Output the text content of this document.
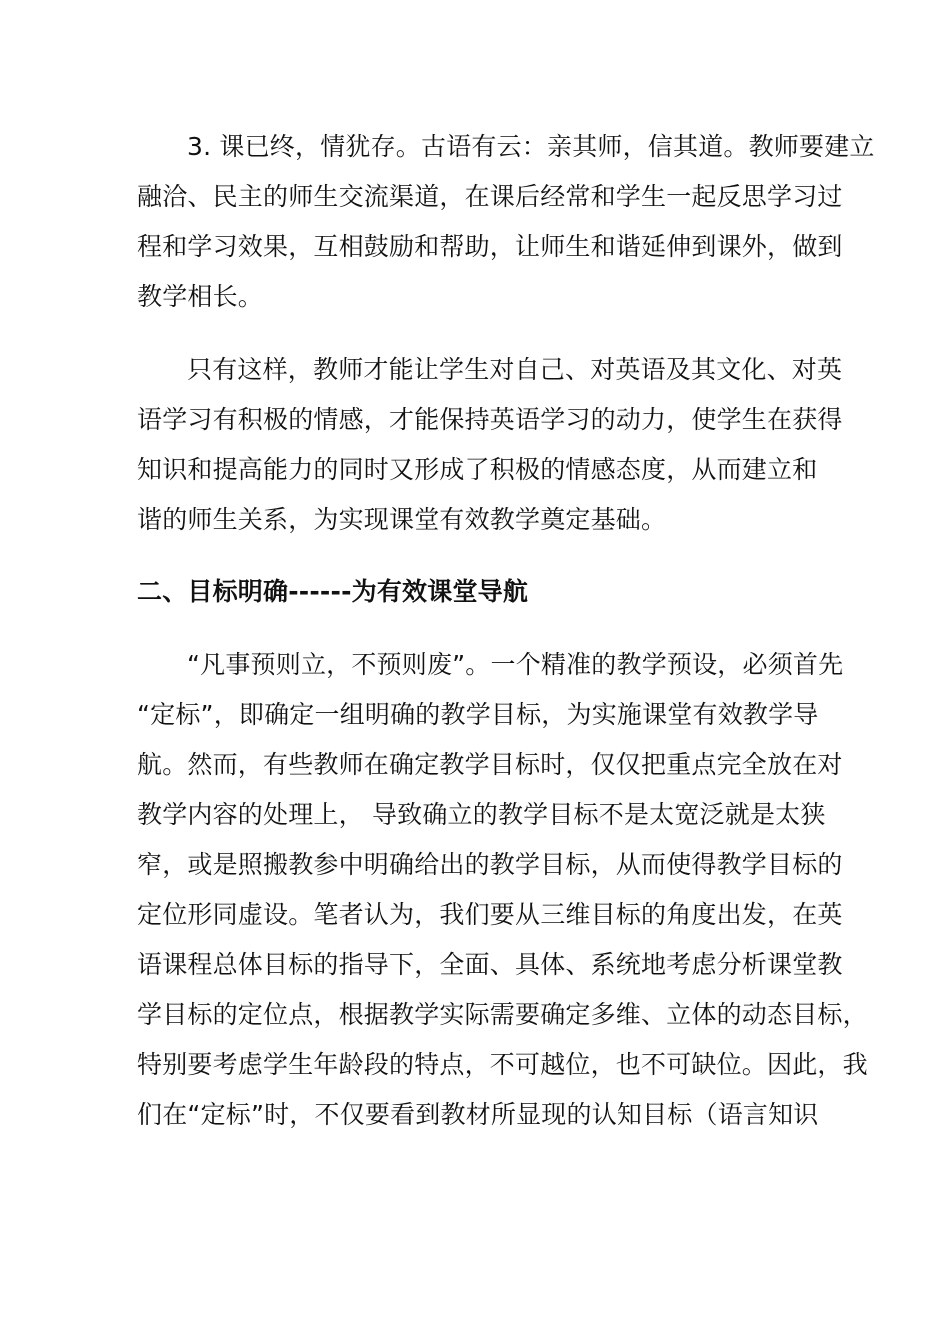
3. 课已终，情犹存。古语有云：亲其师，信其道。教师要建立
融洽、民主的师生交流渠道，在课后经常和学生一起反思学习过
程和学习效果，互相鼓励和帮助，让师生和谐延伸到课外，做到
教学相长。
只有这样，教师才能让学生对自己、对英语及其文化、对英
语学习有积极的情感，才能保持英语学习的动力，使学生在获得
知识和提高能力的同时又形成了积极的情感态度，从而建立和
谐的师生关系，为实现课堂有效教学奠定基础。
二、目标明确------为有效课堂导航
“凡事预则立，不预则废”。一个精准的教学预设，必须首先
“定标”，即确定一组明确的教学目标，为实施课堂有效教学导
航。然而，有些教师在确定教学目标时，仅仅把重点完全放在对
教学内容的处理上， 导致确立的教学目标不是太宽泛就是太狭
窄，或是照搬教参中明确给出的教学目标，从而使得教学目标的
定位形同虚设。笔者认为，我们要从三维目标的角度出发，在英
语课程总体目标的指导下，全面、具体、系统地考虑分析课堂教
学目标的定位点，根据教学实际需要确定多维、立体的动态目标，
特别要考虑学生年龄段的特点，不可越位，也不可缺位。因此，我
们在“定标”时，不仅要看到教材所显现的认知目标（语言知识
